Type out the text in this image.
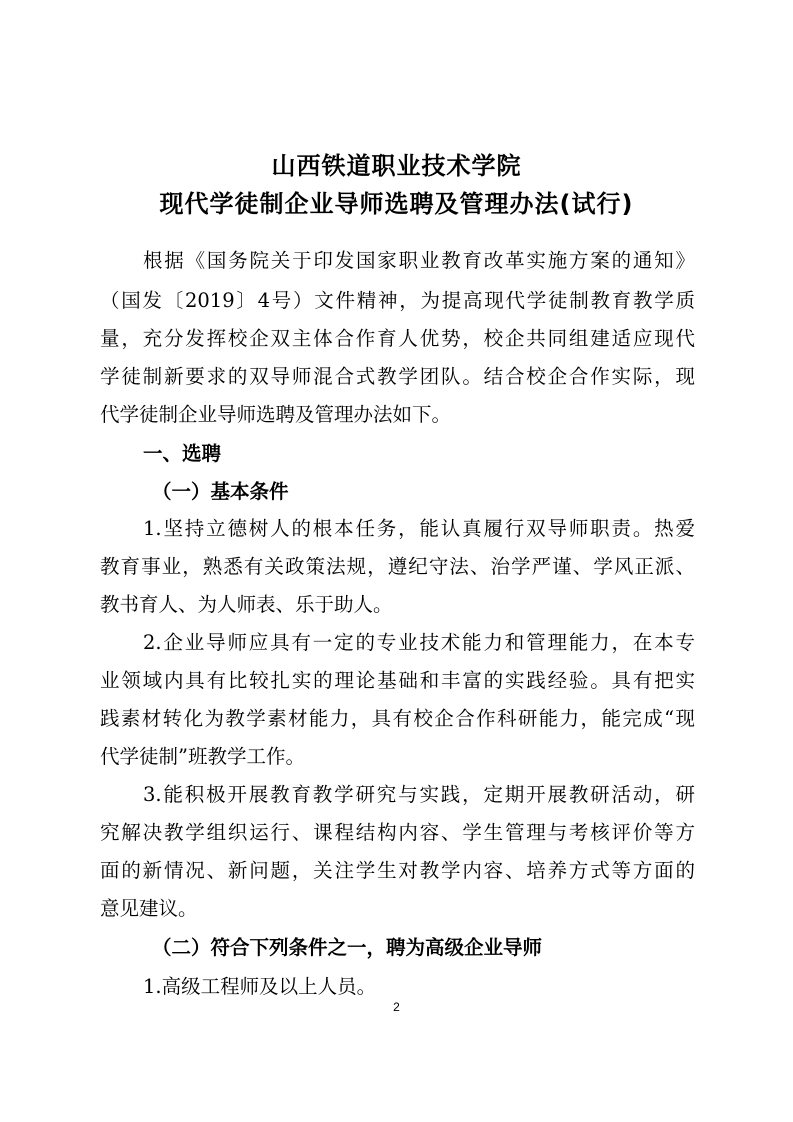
山西铁道职业技术学院
现代学徒制企业导师选聘及管理办法(试行)
根据《国务院关于印发国家职业教育改革实施方案的通知》
（国发〔2019〕4号）文件精神，为提高现代学徒制教育教学质
量，充分发挥校企双主体合作育人优势，校企共同组建适应现代
学徒制新要求的双导师混合式教学团队。结合校企合作实际，现
代学徒制企业导师选聘及管理办法如下。
一、选聘
（一）基本条件
1.坚持立德树人的根本任务，能认真履行双导师职责。热爱
教育事业，熟悉有关政策法规，遵纪守法、治学严谨、学风正派、
教书育人、为人师表、乐于助人。
2.企业导师应具有一定的专业技术能力和管理能力，在本专
业领域内具有比较扎实的理论基础和丰富的实践经验。具有把实
践素材转化为教学素材能力，具有校企合作科研能力，能完成“现
代学徒制”班教学工作。
3.能积极开展教育教学研究与实践，定期开展教研活动，研
究解决教学组织运行、课程结构内容、学生管理与考核评价等方
面的新情况、新问题，关注学生对教学内容、培养方式等方面的
意见建议。
（二）符合下列条件之一，聘为高级企业导师
1.高级工程师及以上人员。
2
